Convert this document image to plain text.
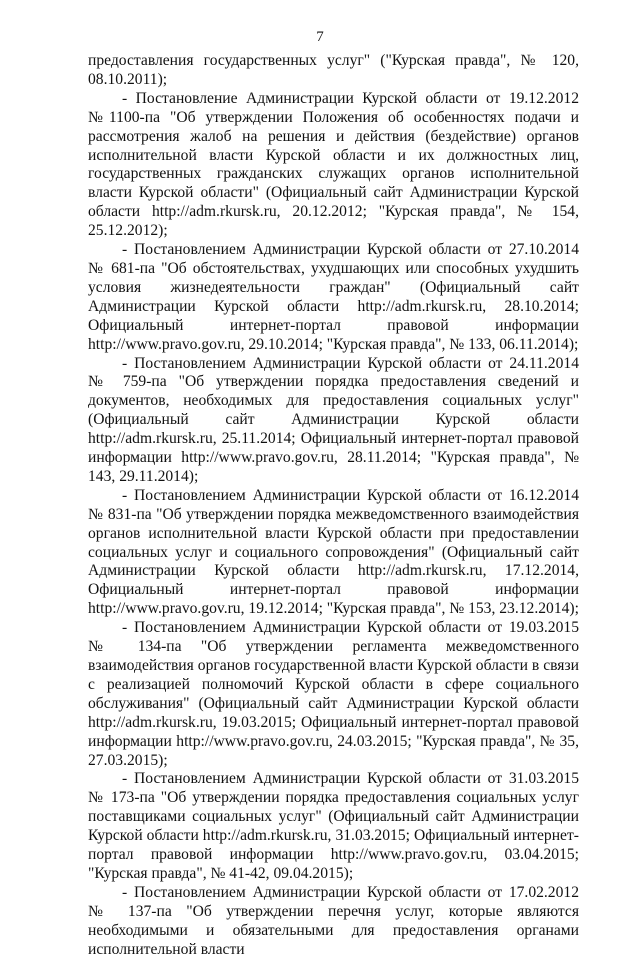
7

предоставления государственных услуг" ("Курская правда", № 120, 08.10.2011);

- Постановление Администрации Курской области от 19.12.2012 №1100-па "Об утверждении Положения об особенностях подачи и рассмотрения жалоб на решения и действия (бездействие) органов исполнительной власти Курской области и их должностных лиц, государственных гражданских служащих органов исполнительной власти Курской области" (Официальный сайт Администрации Курской области http://adm.rkursk.ru, 20.12.2012; "Курская правда", № 154, 25.12.2012);

- Постановлением Администрации Курской области от 27.10.2014 № 681-па "Об обстоятельствах, ухудшающих или способных ухудшить условия жизнедеятельности граждан" (Официальный сайт Администрации Курской области http://adm.rkursk.ru, 28.10.2014; Официальный интернет-портал правовой информации http://www.pravo.gov.ru, 29.10.2014; "Курская правда", № 133, 06.11.2014);

- Постановлением Администрации Курской области от 24.11.2014 № 759-па "Об утверждении порядка предоставления сведений и документов, необходимых для предоставления социальных услуг" (Официальный сайт Администрации Курской области http://adm.rkursk.ru, 25.11.2014; Официальный интернет-портал правовой информации http://www.pravo.gov.ru, 28.11.2014; "Курская правда", № 143, 29.11.2014);

- Постановлением Администрации Курской области от 16.12.2014 № 831-па "Об утверждении порядка межведомственного взаимодействия органов исполнительной власти Курской области при предоставлении социальных услуг и социального сопровождения" (Официальный сайт Администрации Курской области http://adm.rkursk.ru, 17.12.2014, Официальный интернет-портал правовой информации http://www.pravo.gov.ru, 19.12.2014; "Курская правда", № 153, 23.12.2014);

- Постановлением Администрации Курской области от 19.03.2015 № 134-па "Об утверждении регламента межведомственного взаимодействия органов государственной власти Курской области в связи с реализацией полномочий Курской области в сфере социального обслуживания" (Официальный сайт Администрации Курской области http://adm.rkursk.ru, 19.03.2015; Официальный интернет-портал правовой информации http://www.pravo.gov.ru, 24.03.2015; "Курская правда", № 35, 27.03.2015);

- Постановлением Администрации Курской области от 31.03.2015 № 173-па "Об утверждении порядка предоставления социальных услуг поставщиками социальных услуг" (Официальный сайт Администрации Курской области http://adm.rkursk.ru, 31.03.2015; Официальный интернет-портал правовой информации http://www.pravo.gov.ru, 03.04.2015; "Курская правда", № 41-42, 09.04.2015);

- Постановлением Администрации Курской области от 17.02.2012 № 137-па "Об утверждении перечня услуг, которые являются необходимыми и обязательными для предоставления органами исполнительной власти
